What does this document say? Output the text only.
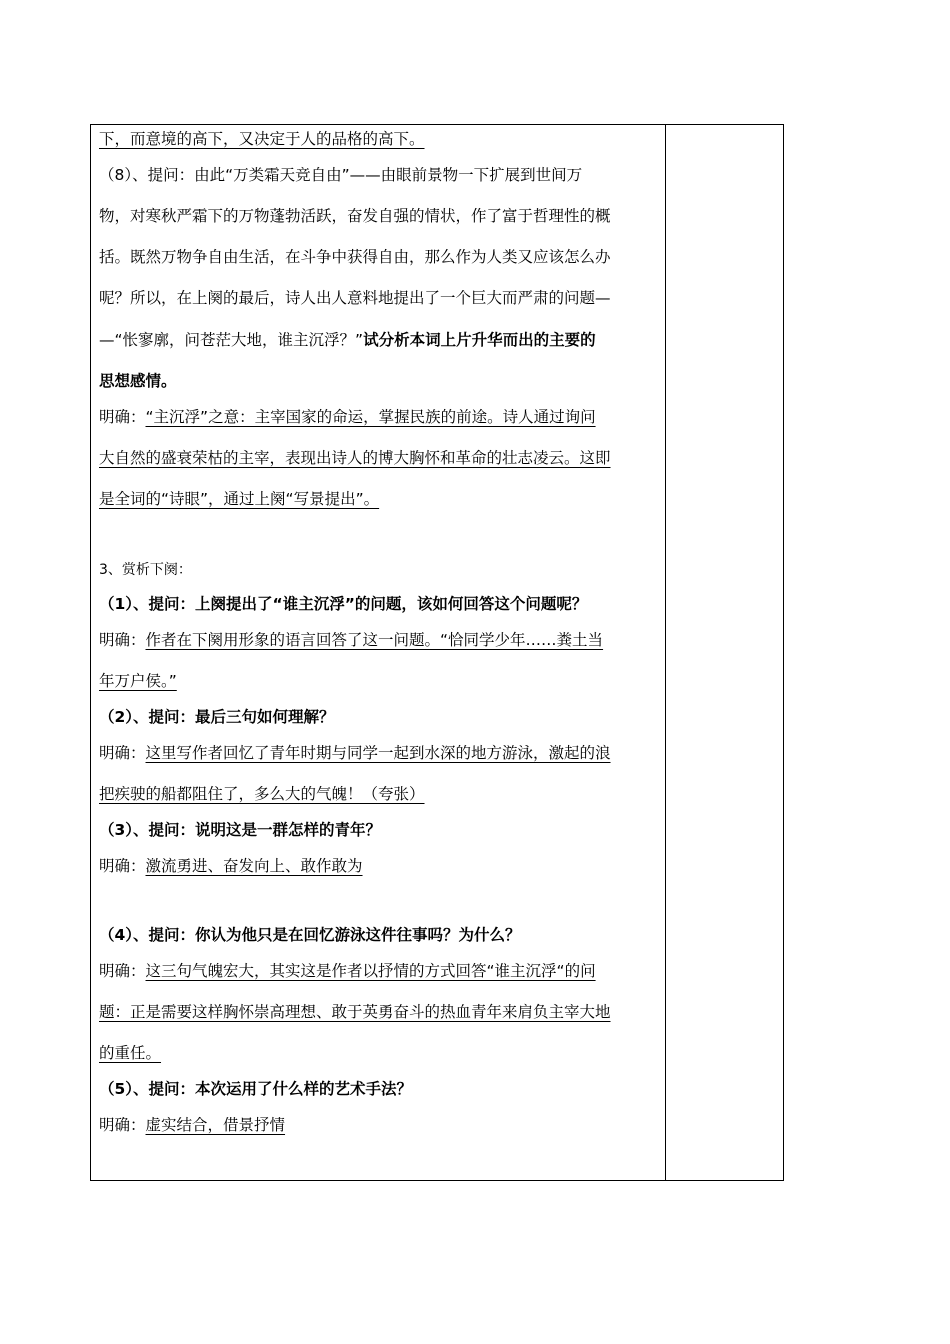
下，而意境的高下，又决定于人的品格的高下。
（8）、提问：由此“万类霜天竞自由”——由眼前景物一下扩展到世间万
物，对寒秋严霜下的万物蓬勃活跃，奋发自强的情状，作了富于哲理性的概
括。既然万物争自由生活，在斗争中获得自由，那么作为人类又应该怎么办
呢？所以，在上阕的最后，诗人出人意料地提出了一个巨大而严肃的问题—
—“怅寥廓，问苍茫大地，谁主沉浮？”试分析本词上片升华而出的主要的
思想感情。
明确：“主沉浮”之意：主宰国家的命运，掌握民族的前途。诗人通过询问
大自然的盛衰荣枯的主宰，表现出诗人的博大胸怀和革命的壮志凌云。这即
是全词的“诗眼”，通过上阕“写景提出”。
3、赏析下阕：
（1）、提问：上阕提出了“谁主沉浮”的问题，该如何回答这个问题呢？
明确：作者在下阕用形象的语言回答了这一问题。“恰同学少年……粪土当
年万户侯。”
（2）、提问：最后三句如何理解？
明确：这里写作者回忆了青年时期与同学一起到水深的地方游泳，激起的浪
把疾驶的船都阻住了，多么大的气魄！（夸张）
（3）、提问：说明这是一群怎样的青年？
明确：激流勇进、奋发向上、敢作敢为
（4）、提问：你认为他只是在回忆游泳这件往事吗？为什么？
明确：这三句气魄宏大，其实这是作者以抒情的方式回答“谁主沉浮“的问
题：正是需要这样胸怀崇高理想、敢于英勇奋斗的热血青年来肩负主宰大地
的重任。
（5）、提问：本次运用了什么样的艺术手法？
明确：虚实结合，借景抒情
